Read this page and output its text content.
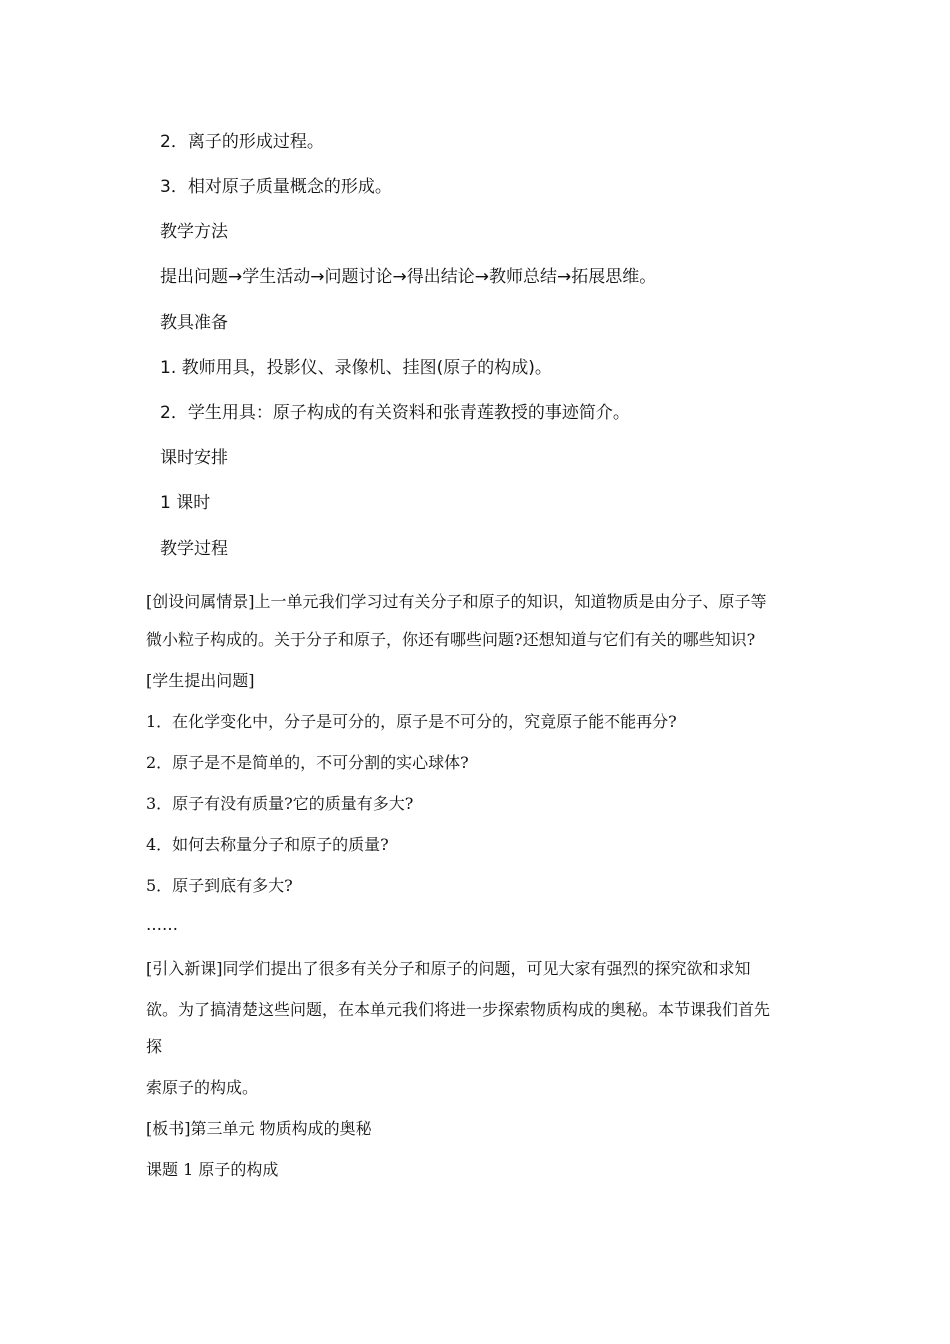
2．离子的形成过程。
3．相对原子质量概念的形成。
教学方法
提出问题→学生活动→问题讨论→得出结论→教师总结→拓展思维。
教具准备
1. 教师用具，投影仪、录像机、挂图(原子的构成)。
2．学生用具：原子构成的有关资料和张青莲教授的事迹简介。
课时安排
1 课时
教学过程
[创设问属情景]上一单元我们学习过有关分子和原子的知识，知道物质是由分子、原子等
微小粒子构成的。关于分子和原子，你还有哪些问题?还想知道与它们有关的哪些知识?
[学生提出问题]
1．在化学变化中，分子是可分的，原子是不可分的，究竟原子能不能再分?
2．原子是不是简单的，不可分割的实心球体?
3．原子有没有质量?它的质量有多大?
4．如何去称量分子和原子的质量?
5．原子到底有多大?
……
[引入新课]同学们提出了很多有关分子和原子的问题，可见大家有强烈的探究欲和求知
欲。为了搞清楚这些问题，在本单元我们将进一步探索物质构成的奥秘。本节课我们首先
探
索原子的构成。
[板书]第三单元 物质构成的奥秘
课题 1 原子的构成
